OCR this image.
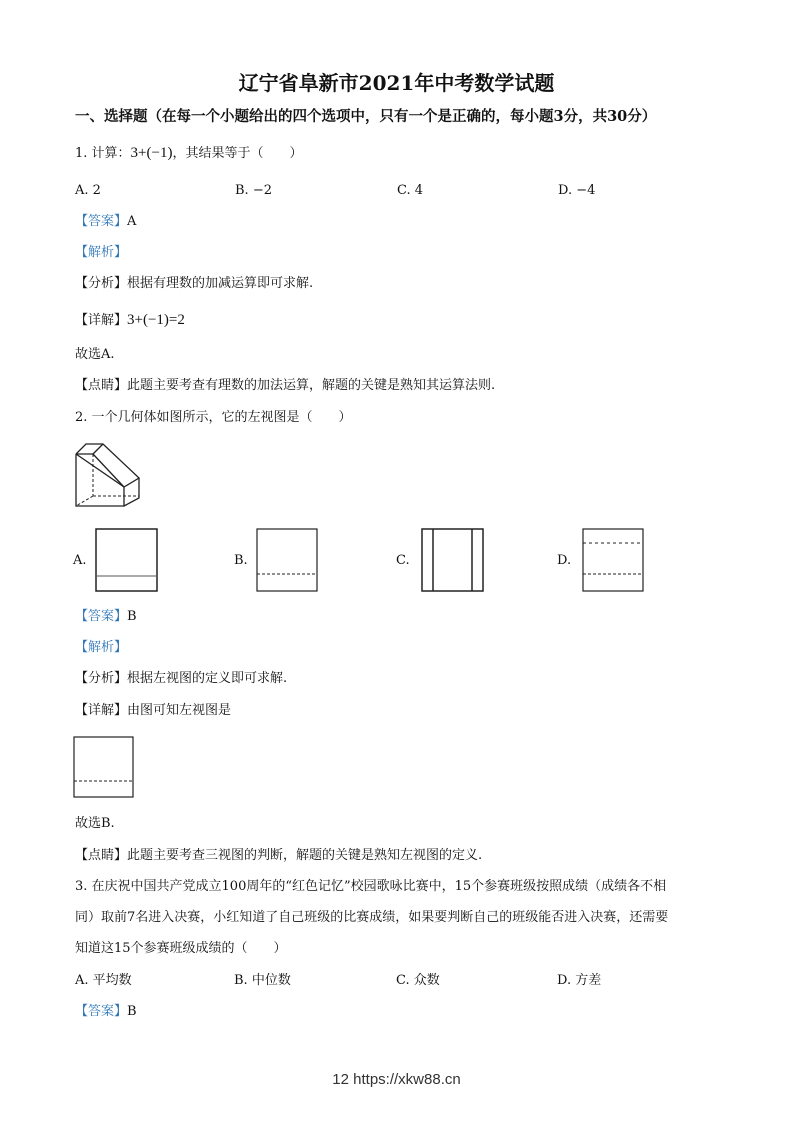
辽宁省阜新市2021年中考数学试题
一、选择题（在每一个小题给出的四个选项中，只有一个是正确的，每小题3分，共30分）
1. 计算：3+(−1)，其结果等于（　　）
A. 2	B. −2	C. 4	D. −4
【答案】A
【解析】
【分析】根据有理数的加减运算即可求解.
【详解】3+(−1)=2
故选A.
【点睛】此题主要考查有理数的加法运算，解题的关键是熟知其运算法则.
2. 一个几何体如图所示，它的左视图是（　　）
A.	B.	C.	D.
【答案】B
【解析】
【分析】根据左视图的定义即可求解.
【详解】由图可知左视图是
故选B.
【点睛】此题主要考查三视图的判断，解题的关键是熟知左视图的定义.
3. 在庆祝中国共产党成立100周年的“红色记忆”校园歌咏比赛中，15个参赛班级按照成绩（成绩各不相
同）取前7名进入决赛，小红知道了自己班级的比赛成绩，如果要判断自己的班级能否进入决赛，还需要
知道这15个参赛班级成绩的（　　）
A. 平均数	B. 中位数	C. 众数	D. 方差
【答案】B
12 https://xkw88.cn
